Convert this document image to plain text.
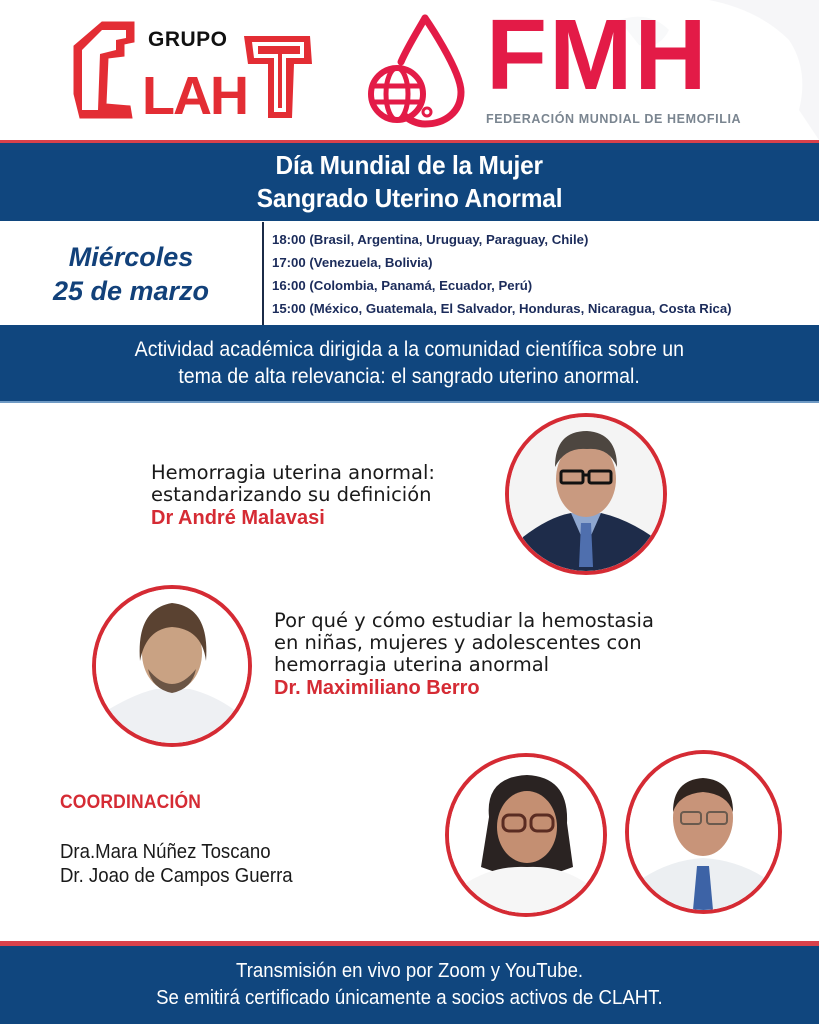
LAH
GRUPO	FMH
FEDERACIÓN MUNDIAL DE HEMOFILIA
Día Mundial de la Mujer
Sangrado Uterino Anormal
Miércoles
25 de marzo
18:00 (Brasil, Argentina, Uruguay, Paraguay, Chile)
17:00 (Venezuela, Bolivia)
16:00 (Colombia, Panamá, Ecuador, Perú)
15:00 (México, Guatemala, El Salvador, Honduras, Nicaragua, Costa Rica)
Actividad académica dirigida a la comunidad científica sobre un
tema de alta relevancia: el sangrado uterino anormal.
Hemorragia uterina anormal:
estandarizando su definición
Dr André Malavasi
Por qué y cómo estudiar la hemostasia
en niñas, mujeres y adolescentes con
hemorragia uterina anormal
Dr. Maximiliano Berro
COORDINACIÓN
Dra.Mara Núñez Toscano
Dr. Joao de Campos Guerra
Transmisión en vivo por Zoom y YouTube.
Se emitirá certificado únicamente a socios activos de CLAHT.
